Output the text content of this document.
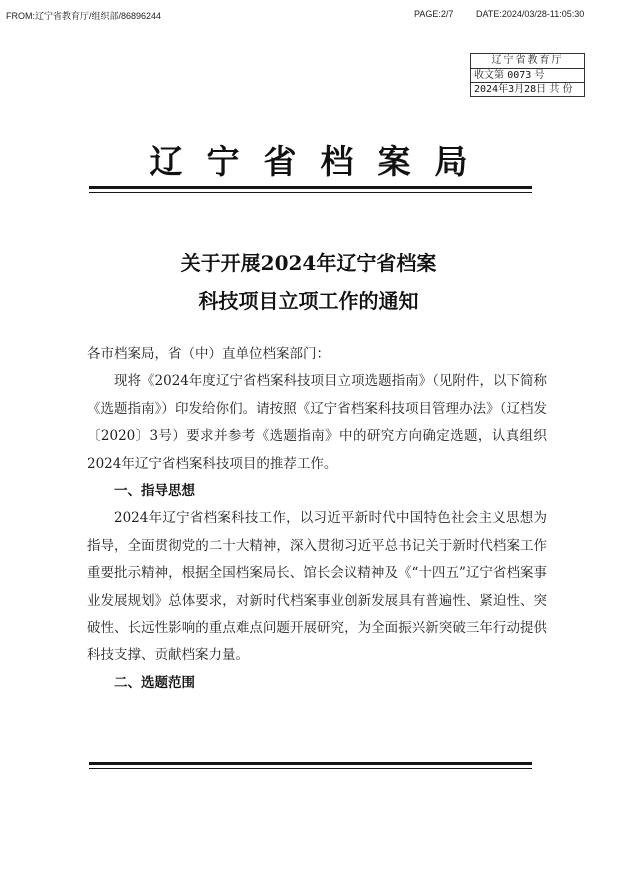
FROM:辽宁省教育厅/组织部/86896244	PAGE:2/7	DATE:2024/03/28-11:05:30
辽宁省教育厅
收文第 0073 号
2024年3月28日 共 份
辽宁省档案局
关于开展2024年辽宁省档案
科技项目立项工作的通知

各市档案局，省（中）直单位档案部门：

现将《2024年度辽宁省档案科技项目立项选题指南》（见附件，以下简称《选题指南》）印发给你们。请按照《辽宁省档案科技项目管理办法》（辽档发〔2020〕3号）要求并参考《选题指南》中的研究方向确定选题，认真组织2024年辽宁省档案科技项目的推荐工作。

一、指导思想

2024年辽宁省档案科技工作，以习近平新时代中国特色社会主义思想为指导，全面贯彻党的二十大精神，深入贯彻习近平总书记关于新时代档案工作重要批示精神，根据全国档案局长、馆长会议精神及《“十四五”辽宁省档案事业发展规划》总体要求，对新时代档案事业创新发展具有普遍性、紧迫性、突破性、长远性影响的重点难点问题开展研究，为全面振兴新突破三年行动提供科技支撑、贡献档案力量。

二、选题范围
